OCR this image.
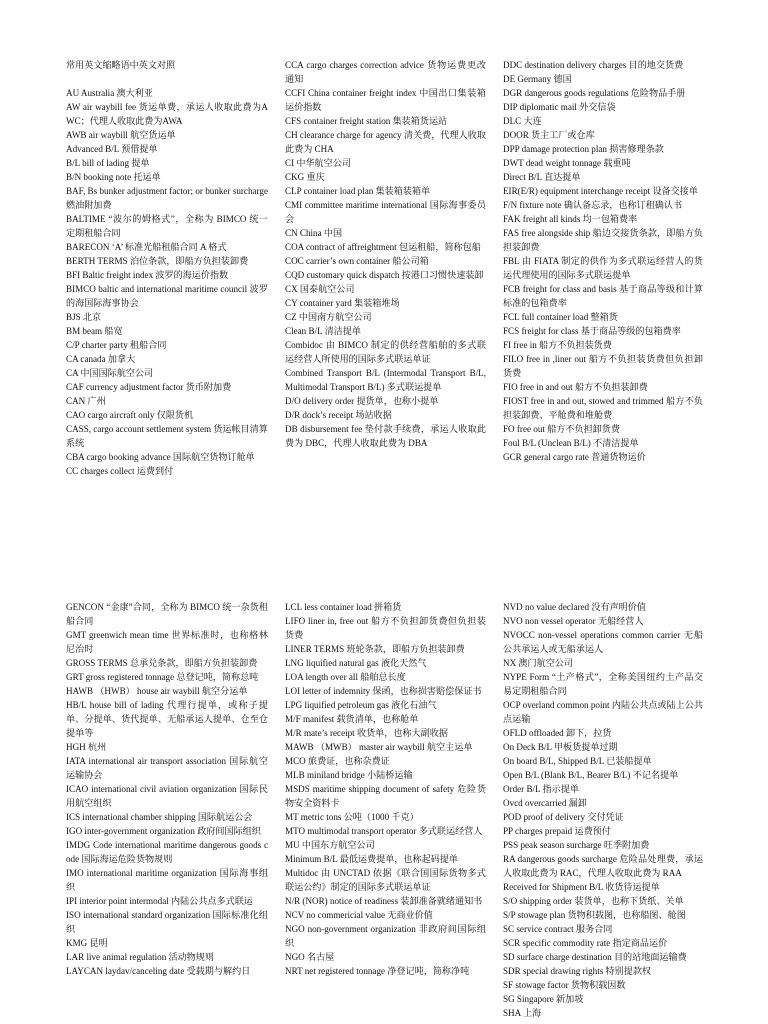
常用英文缩略语中英文对照
AU Australia 澳大利亚
AW air waybill fee 货运单费，承运人收取此费为AWC；代理人收取此费为AWA
AWB air waybill 航空货运单
Advanced B/L 预借提单
B/L bill of lading 提单
B/N booking note 托运单
BAF, Bs bunker adjustment factor; or bunker surcharge 燃油附加费
BALTIME “波尔的姆格式”，全称为 BIMCO 统一定期租船合同
BARECON ‘A’ 标准光船租船合同 A 格式
BERTH TERMS 泊位条款，即船方负担装卸费
BFI Baltic freight index 波罗的海运价指数
BIMCO baltic and international maritime council 波罗的海国际海事协会
BJS 北京
BM beam 船宽
C/P charter party 租船合同
CA canada 加拿大
CA 中国国际航空公司
CAF currency adjustment factor 货币附加费
CAN 广州
CAO cargo aircraft only 仅限货机
CASS, cargo account settlement system 货运帐目清算系统
CBA cargo booking advance 国际航空货物订舱单
CC charges collect 运费到付
CCA cargo charges correction advice 货物运费更改通知
CCFI China container freight index 中国出口集装箱运价指数
CFS container freight station 集装箱货运站
CH clearance charge for agency 清关费，代理人收取此费为 CHA
CI 中华航空公司
CKG 重庆
CLP container load plan 集装箱装箱单
CMI committee maritime international 国际海事委员会
CN China 中国
COA contract of affreightment 包运租船，简称包船
COC carrier’s own container 船公司箱
CQD customary quick dispatch 按港口习惯快速装卸
CX 国泰航空公司
CY container yard 集装箱堆场
CZ 中国南方航空公司
Clean B/L 清洁提单
Combidoc 由 BIMCO 制定的供经营船舶的多式联运经营人所使用的国际多式联运单证
Combined Transport B/L (Intermodal Transport B/L, Multimodal Transport B/L) 多式联运提单
D/O delivery order 提货单，也称小提单
D/R dock’s receipt 场站收据
DB disbursement fee 垫付款手续费，承运人收取此费为 DBC，代理人收取此费为 DBA
DDC destination delivery charges 目的地交货费
DE Germany 德国
DGR dangerous goods regulations 危险物品手册
DIP diplomatic mail 外交信袋
DLC 大连
DOOR 货主工厂或仓库
DPP damage protection plan 损害修理条款
DWT dead weight tonnage 载重吨
Direct B/L 直达提单
EIR(E/R) equipment interchange receipt 设备交接单
F/N fixture note 确认备忘录，也称订租确认书
FAK freight all kinds 均一包箱费率
FAS free alongside ship 船边交接货条款，即船方负担装卸费
FBL 由 FIATA 制定的供作为多式联运经营人的货运代理使用的国际多式联运提单
FCB freight for class and basis 基于商品等级和计算标准的包箱费率
FCL full container load 整箱货
FCS freight for class 基于商品等级的包箱费率
FI free in 船方不负担装货费
FILO free in ,liner out 船方不负担装货费但负担卸货费
FIO free in and out 船方不负担装卸费
FIOST free in and out, stowed and trimmed 船方不负担装卸费、平舱费和堆舱费
FO free out 船方不负担卸货费
Foul B/L (Unclean B/L) 不清洁提单
GCR general cargo rate 普通货物运价
GENCON “金康”合同，全称为 BIMCO 统一杂货租船合同
GMT greenwich mean time 世界标准时，也称格林尼治时
GROSS TERMS 总承兑条款，即船方负担装卸费
GRT gross registered tonnage 总登记吨，简称总吨
HAWB （HWB） house air waybill 航空分运单
HB/L house bill of lading 代理行提单，或称子提单、分提单、货代提单、无船承运人提单、仓至仓提单等
HGH 杭州
IATA international air transport association 国际航空运输协会
ICAO international civil aviation organization 国际民用航空组织
ICS international chamber shipping 国际航运公会
IGO inter-government organization 政府间国际组织
IMDG Code international maritime dangerous goods code 国际海运危险货物规则
IMO international maritime organization 国际海事组织
IPI interior point intermodal 内陆公共点多式联运
ISO international standard organization 国际标准化组织
KMG 昆明
LAR live animal regulation 活动物规则
LAYCAN laydav/canceling date 受载期与解约日
LCL less container load 拼箱货
LIFO liner in, free out 船方不负担卸货费但负担装货费
LINER TERMS 班轮条款，即船方负担装卸费
LNG liquified natural gas 液化天然气
LOA length over all 船舶总长度
LOI letter of indemnity 保函，也称损害赔偿保证书
LPG liquified petroleum gas 液化石油气
M/F manifest 载货清单，也称舱单
M/R mate’s receipt 收货单，也称大副收据
MAWB （MWB） master air waybill 航空主运单
MCO 旅费证，也称杂费证
MLB miniland bridge 小陆桥运输
MSDS maritime shipping document of safety 危险货物安全资料卡
MT metric tons 公吨（1000 千克）
MTO multimodal transport operator 多式联运经营人
MU 中国东方航空公司
Minimum B/L 最低运费提单，也称起码提单
Multidoc 由 UNCTAD 依据《联合国国际货物多式联运公约》制定的国际多式联运单证
N/R (NOR) notice of readiness 装卸准备就绪通知书
NCV no commericial value 无商业价值
NGO non-government organization 非政府间国际组织
NGO 名古屋
NRT net registered tonnage 净登记吨，简称净吨
NVD no value declared 没有声明价值
NVO non vessel operator 无船经营人
NVOCC non-vessel operations common carrier 无船公共承运人或无船承运人
NX 澳门航空公司
NYPE Form “土产格式”，全称美国纽约土产品交易定期租船合同
OCP overland common point 内陆公共点或陆上公共点运输
OFLD offloaded 卸下，拉货
On Deck B/L 甲板货提单过期
On board B/L, Shipped B/L 已装船提单
Open B/L (Blank B/L, Bearer B/L) 不记名提单
Order B/L 指示提单
Ovcd overcarried 漏卸
POD proof of delivery 交付凭证
PP charges prepaid 运费预付
PSS peak season surcharge 旺季附加费
RA dangerous goods surcharge 危险品处理费，承运人收取此费为 RAC，代理人收取此费为 RAA
Received for Shipment B/L 收货待运提单
S/O shipping order 装货单，也称下货纸、关单
S/P stowage plan 货物积载图，也称船图、舱图
SC service contract 服务合同
SCR specific commodity rate 指定商品运价
SD surface charge destination 目的站地面运输费
SDR special drawing rights 特别提款权
SF stowage factor 货物积载因数
SG Singapore 新加坡
SHA 上海
